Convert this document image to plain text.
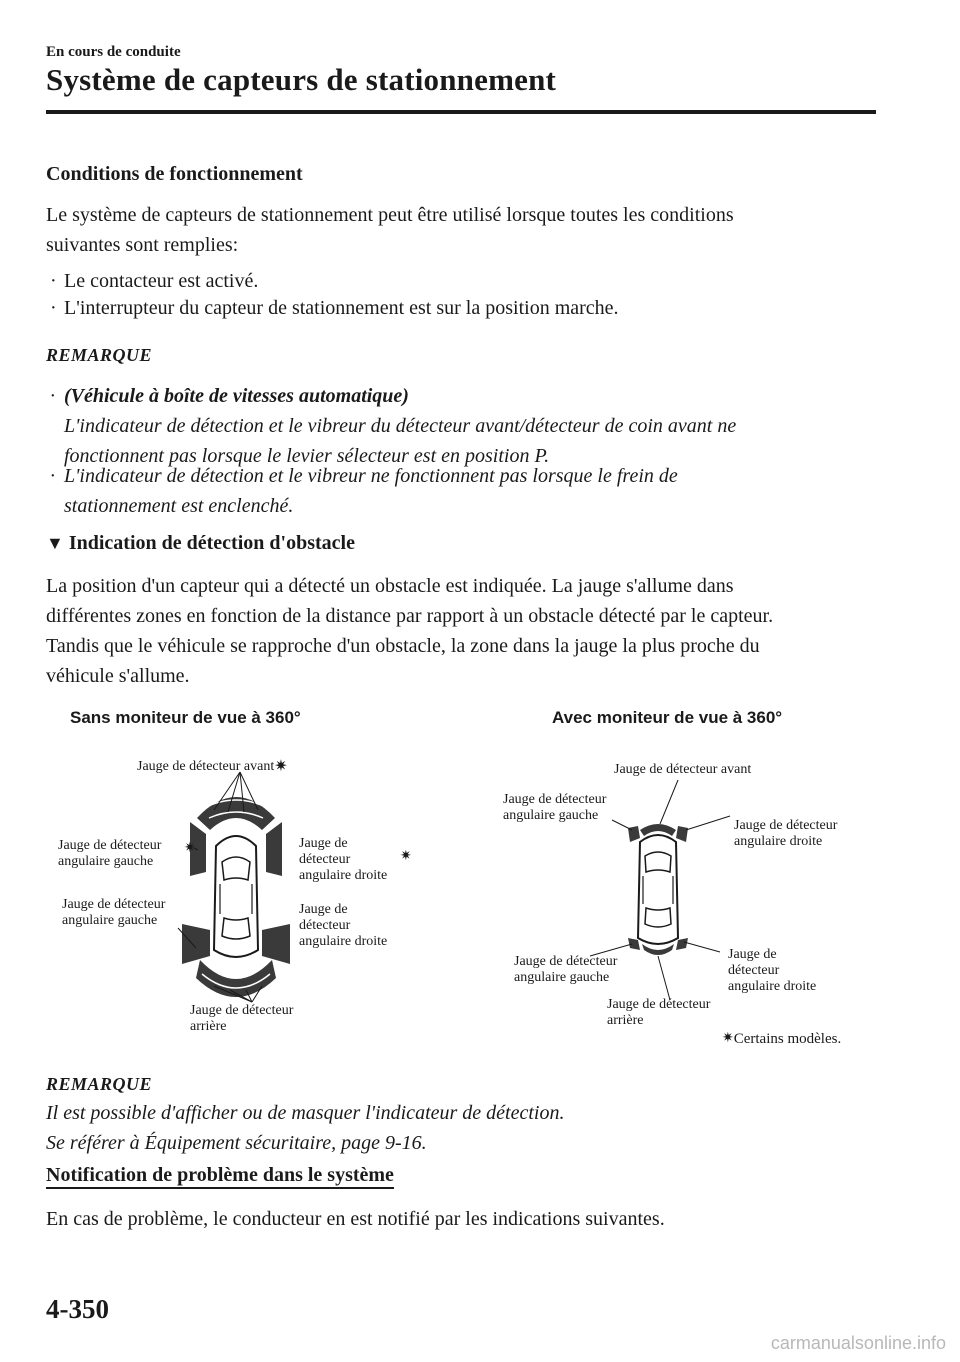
En cours de conduite
Système de capteurs de stationnement
Conditions de fonctionnement
Le système de capteurs de stationnement peut être utilisé lorsque toutes les conditions
suivantes sont remplies:
· Le contacteur est activé.
· L'interrupteur du capteur de stationnement est sur la position marche.
REMARQUE
· (Véhicule à boîte de vitesses automatique)
L'indicateur de détection et le vibreur du détecteur avant/détecteur de coin avant ne
fonctionnent pas lorsque le levier sélecteur est en position P.
· L'indicateur de détection et le vibreur ne fonctionnent pas lorsque le frein de
stationnement est enclenché.
▼ Indication de détection d'obstacle
La position d'un capteur qui a détecté un obstacle est indiquée. La jauge s'allume dans
différentes zones en fonction de la distance par rapport à un obstacle détecté par le capteur.
Tandis que le véhicule se rapproche d'un obstacle, la zone dans la jauge la plus proche du
véhicule s'allume.
Sans moniteur de vue à 360°	Avec moniteur de vue à 360°
Jauge de détecteur avant✷
Jauge de détecteur
angulaire gauche
✷	Jauge de
détecteur
angulaire droite
✷
Jauge de détecteur
angulaire gauche
Jauge de
détecteur
angulaire droite
Jauge de détecteur
arrière
Jauge de détecteur avant
Jauge de détecteur
angulaire gauche
Jauge de détecteur
angulaire droite
Jauge de détecteur
angulaire gauche
Jauge de
détecteur
angulaire droite
Jauge de détecteur
arrière
✷Certains modèles.
REMARQUE
Il est possible d'afficher ou de masquer l'indicateur de détection.
Se référer à Équipement sécuritaire, page 9-16.
Notification de problème dans le système
En cas de problème, le conducteur en est notifié par les indications suivantes.
4-350
carmanualsonline.info
